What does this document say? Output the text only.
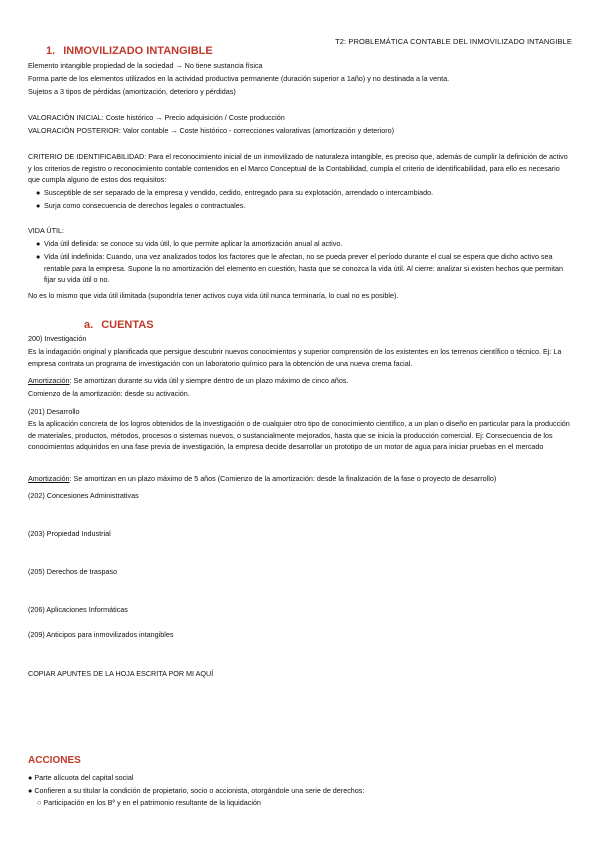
T2: PROBLEMÁTICA CONTABLE DEL INMOVILIZADO INTANGIBLE
1. INMOVILIZADO INTANGIBLE
Elemento intangible propiedad de la sociedad → No tiene sustancia física
Forma parte de los elementos utilizados en la actividad productiva permanente (duración superior a 1año) y no destinada a la venta.
Sujetos a 3 tipos de pérdidas (amortización, deterioro y pérdidas)
VALORACIÓN INICIAL: Coste histórico → Precio adquisición / Coste producción
VALORACIÓN POSTERIOR: Valor contable → Coste histórico - correcciones valorativas (amortización y deterioro)
CRITERIO DE IDENTIFICABILIDAD: Para el reconocimiento inicial de un inmovilizado de naturaleza intangible, es preciso que, además de cumplir la definición de activo y los criterios de registro o reconocimiento contable contenidos en el Marco Conceptual de la Contabilidad, cumpla el criterio de identificabilidad, para ello es necesario que cumpla alguno de estos dos requisitos:
● Susceptible de ser separado de la empresa y vendido, cedido, entregado para su explotación, arrendado o intercambiado.
● Surja como consecuencia de derechos legales o contractuales.
VIDA ÚTIL:
● Vida útil definida: se conoce su vida útil, lo que permite aplicar la amortización anual al activo.
● Vida útil indefinida: Cuando, una vez analizados todos los factores que le afectan, no se pueda prever el período durante el cual se espera que dicho activo sea rentable para la empresa. Supone la no amortización del elemento en cuestión, hasta que se conozca la vida útil. Al cierre: analizar si existen hechos que permitan fijar su vida útil o no.
No es lo mismo que vida útil ilimitada (supondría tener activos cuya vida útil nunca terminaría, lo cual no es posible).
a. CUENTAS
200) Investigación
Es la indagación original y planificada que persigue descubrir nuevos conocimientos y superior comprensión de los existentes en los terrenos científico o técnico. Ej: La empresa contrata un programa de investigación con un laboratorio químico para la obtención de una nueva crema facial.
Amortización: Se amortizan durante su vida útil y siempre dentro de un plazo máximo de cinco años.
Comienzo de la amortización: desde su activación.
(201) Desarrollo
Es la aplicación concreta de los logros obtenidos de la investigación o de cualquier otro tipo de conocimiento científico, a un plan o diseño en particular para la producción de materiales, productos, métodos, procesos o sistemas nuevos, o sustancialmente mejorados, hasta que se inicia la producción comercial. Ej: Consecuencia de los conocimientos adquiridos en una fase previa de investigación, la empresa decide desarrollar un prototipo de un motor de agua para iniciar pruebas en el mercado
Amortización: Se amortizan en un plazo máximo de 5 años (Comienzo de la amortización: desde la finalización de la fase o proyecto de desarrollo)
(202) Concesiones Administrativas
(203) Propiedad Industrial
(205) Derechos de traspaso
(206) Aplicaciones Informáticas
(209) Anticipos para inmovilizados intangibles
COPIAR APUNTES DE LA HOJA ESCRITA POR MI AQUÍ
ACCIONES
● Parte alícuota del capital social
● Confieren a su titular la condición de propietario, socio o accionista, otorgándole una serie de derechos:
○ Participación en los Bº y en el patrimonio resultante de la liquidación
